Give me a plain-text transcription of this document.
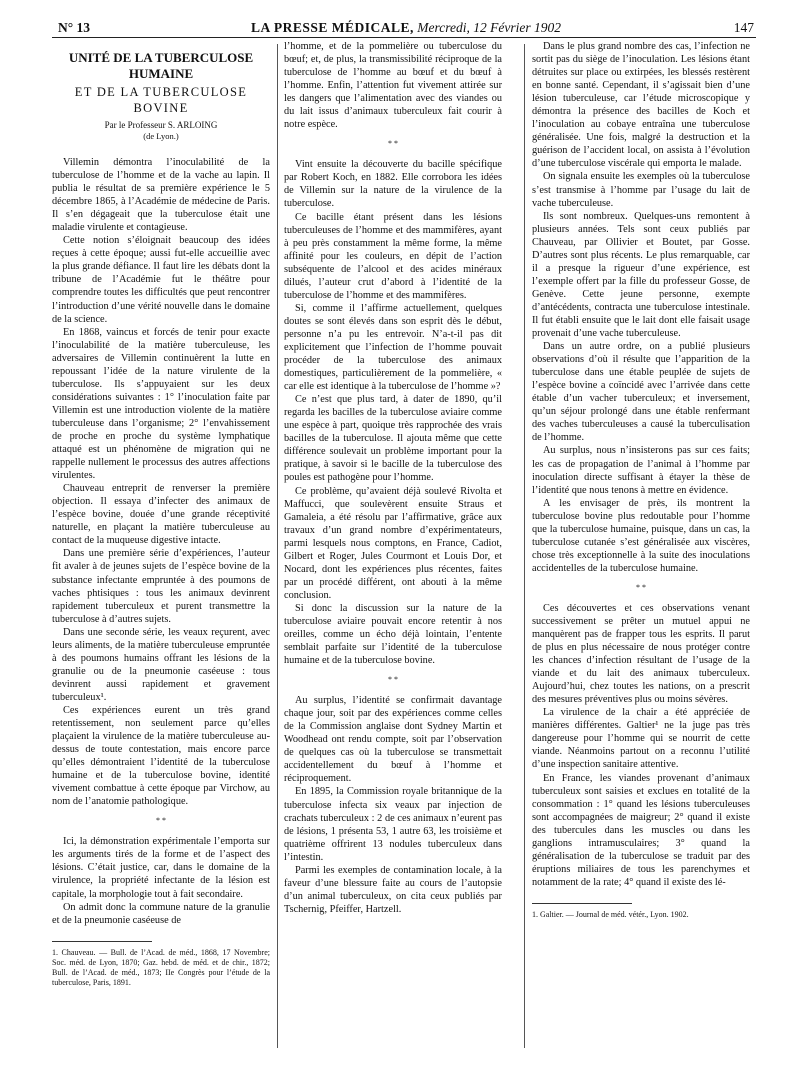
N° 13	LA PRESSE MÉDICALE, Mercredi, 12 Février 1902	147
UNITÉ DE LA TUBERCULOSE HUMAINE
ET DE LA TUBERCULOSE BOVINE
Par le Professeur S. ARLOING
(de Lyon.)

Villemin démontra l’inoculabilité de la tuberculose de l’homme et de la vache au lapin. Il publia le résultat de sa première expérience le 5 décembre 1865, à l’Académie de médecine de Paris. Il s’en dégageait que la tuberculose était une maladie virulente et contagieuse.

Cette notion s’éloignait beaucoup des idées reçues à cette époque; aussi fut-elle accueillie avec la plus grande défiance. Il faut lire les débats dont la tribune de l’Académie fut le théâtre pour comprendre toutes les difficultés que peut rencontrer l’introduction d’une vérité nouvelle dans le domaine de la science.

En 1868, vaincus et forcés de tenir pour exacte l’inoculabilité de la matière tuberculeuse, les adversaires de Villemin continuèrent la lutte en repoussant l’idée de la nature virulente de la tuberculose. Ils s’appuyaient sur les deux considérations suivantes : 1° l’inoculation faite par Villemin est une introduction violente de la matière tuberculeuse dans l’organisme; 2° l’envahissement de proche en proche du système lymphatique attaqué est un phénomène de migration qui ne rappelle nullement le processus des autres affections virulentes.

Chauveau entreprit de renverser la première objection. Il essaya d’infecter des animaux de l’espèce bovine, douée d’une grande réceptivité naturelle, en plaçant la matière tuberculeuse au contact de la muqueuse digestive intacte.

Dans une première série d’expériences, l’auteur fit avaler à de jeunes sujets de l’espèce bovine de la substance infectante empruntée à des poumons de vaches phtisiques : tous les animaux devinrent rapidement tuberculeux et purent transmettre la tuberculose à d’autres sujets.

Dans une seconde série, les veaux reçurent, avec leurs aliments, de la matière tuberculeuse empruntée à des poumons humains offrant les lésions de la granulie ou de la pneumonie caséeuse : tous devinrent aussi rapidement et gravement tuberculeux¹.

Ces expériences eurent un très grand retentissement, non seulement parce qu’elles plaçaient la virulence de la matière tuberculeuse au-dessus de toute contestation, mais encore parce qu’elles démontraient l’identité de la tuberculose humaine et de la tuberculose bovine, identité vivement combattue à cette époque par Virchow, au nom de l’anatomie pathologique.

* *

Ici, la démonstration expérimentale l’emporta sur les arguments tirés de la forme et de l’aspect des lésions. C’était justice, car, dans le domaine de la virulence, la propriété infectante de la lésion est capitale, la morphologie tout à fait secondaire.

On admit donc la commune nature de la granulie et de la pneumonie caséeuse de

1. Chauveau. — Bull. de l’Acad. de méd., 1868, 17 Novembre; Soc. méd. de Lyon, 1870; Gaz. hebd. de méd. et de chir., 1872; Bull. de l’Acad. de méd., 1873; IIe Congrès pour l’étude de la tuberculose, Paris, 1891.

l’homme, et de la pommelière ou tuberculose du bœuf; et, de plus, la transmissibilité réciproque de la tuberculose de l’homme au bœuf et du bœuf à l’homme. Enfin, l’attention fut vivement attirée sur les dangers que l’alimentation avec des viandes ou du lait issus d’animaux tuberculeux fait courir à notre espèce.

* *

Vint ensuite la découverte du bacille spécifique par Robert Koch, en 1882. Elle corrobora les idées de Villemin sur la nature de la virulence de la tuberculose.

Ce bacille étant présent dans les lésions tuberculeuses de l’homme et des mammifères, ayant à peu près constamment la même forme, la même affinité pour les couleurs, en dépit de l’action subséquente de l’alcool et des acides minéraux dilués, l’auteur crut d’abord à l’identité de la tuberculose de l’homme et des mammifères.

Si, comme il l’affirme actuellement, quelques doutes se sont élevés dans son esprit dès le début, personne n’a pu les entrevoir. N’a-t-il pas dit explicitement que l’infection de l’homme pouvait procéder de la tuberculose des animaux domestiques, particulièrement de la pommelière, « car elle est identique à la tuberculose de l’homme »?

Ce n’est que plus tard, à dater de 1890, qu’il regarda les bacilles de la tuberculose aviaire comme une espèce à part, quoique très rapprochée des vrais bacilles de la tuberculose. Il ajouta même que cette différence soulevait un problème important pour la pratique, à savoir si le bacille de la tuberculose des poules est pathogène pour l’homme.

Ce problème, qu’avaient déjà soulevé Rivolta et Maffucci, que soulevèrent ensuite Straus et Gamaleia, a été résolu par l’affirmative, grâce aux travaux d’un grand nombre d’expérimentateurs, parmi lesquels nous comptons, en France, Cadiot, Gilbert et Roger, Jules Courmont et Louis Dor, et Nocard, dont les expériences plus récentes, faites par un procédé différent, ont abouti à la même conclusion.

Si donc la discussion sur la nature de la tuberculose aviaire pouvait encore retentir à nos oreilles, comme un écho déjà lointain, l’entente semblait parfaite sur l’identité de la tuberculose humaine et de la tuberculose bovine.

* *

Au surplus, l’identité se confirmait davantage chaque jour, soit par des expériences comme celles de la Commission anglaise dont Sydney Martin et Woodhead ont rendu compte, soit par l’observation de quelques cas où la tuberculose se transmettait accidentellement du bœuf à l’homme et réciproquement.

En 1895, la Commission royale britannique de la tuberculose infecta six veaux par injection de crachats tuberculeux : 2 de ces animaux n’eurent pas de lésions, 1 présenta 53, 1 autre 63, les troisième et quatrième offrirent 13 nodules tuberculeux dans l’intestin.

Parmi les exemples de contamination locale, à la faveur d’une blessure faite au cours de l’autopsie d’un animal tuberculeux, on cita ceux publiés par Tschernig, Pfeiffer, Hartzell.

Dans le plus grand nombre des cas, l’infection ne sortit pas du siège de l’inoculation. Les lésions étant détruites sur place ou extirpées, les blessés restèrent en bonne santé. Cependant, il s’agissait bien d’une lésion tuberculeuse, car l’étude microscopique y démontra la présence des bacilles de Koch et l’inoculation au cobaye entraîna une tuberculose généralisée. Une fois, malgré la destruction et la guérison de l’accident local, on assista à l’évolution d’une tuberculose viscérale qui emporta le malade.

On signala ensuite les exemples où la tuberculose s’est transmise à l’homme par l’usage du lait de vache tuberculeuse.

Ils sont nombreux. Quelques-uns remontent à plusieurs années. Tels sont ceux publiés par Chauveau, par Ollivier et Boutet, par Gosse. D’autres sont plus récents. Le plus remarquable, car il a presque la rigueur d’une expérience, est l’exemple offert par la fille du professeur Gosse, de Genève. Cette jeune personne, exempte d’antécédents, contracta une tuberculose intestinale. Il fut établi ensuite que le lait dont elle faisait usage provenait d’une vache tuberculeuse.

Dans un autre ordre, on a publié plusieurs observations d’où il résulte que l’apparition de la tuberculose dans une étable peuplée de sujets de l’espèce bovine a coïncidé avec l’arrivée dans cette étable d’un vacher tuberculeux; et inversement, qu’un séjour prolongé dans une étable renfermant des vaches tuberculeuses a causé la tuberculisation de l’homme.

Au surplus, nous n’insisterons pas sur ces faits; les cas de propagation de l’animal à l’homme par inoculation directe suffisant à étayer la thèse de l’identité que nous tenons à mettre en évidence.

A les envisager de près, ils montrent la tuberculose bovine plus redoutable pour l’homme que la tuberculose humaine, puisque, dans un cas, la tuberculose cutanée s’est généralisée aux viscères, chose très exceptionnelle à la suite des inoculations accidentelles de la tuberculose humaine.

* *

Ces découvertes et ces observations venant successivement se prêter un mutuel appui ne manquèrent pas de frapper tous les esprits. Il parut de plus en plus nécessaire de nous protéger contre les chances d’infection résultant de l’usage de la viande et du lait des animaux tuberculeux. Aujourd’hui, chez toutes les nations, on a prescrit des mesures préventives plus ou moins sévères.

La virulence de la chair a été appréciée de manières différentes. Galtier¹ ne la juge pas très dangereuse pour l’homme qui se nourrit de cette viande. Néanmoins partout on a reconnu l’utilité d’une inspection sanitaire attentive.

En France, les viandes provenant d’animaux tuberculeux sont saisies et exclues en totalité de la consommation : 1° quand les lésions tuberculeuses sont accompagnées de maigreur; 2° quand il existe des tubercules dans les muscles ou dans les ganglions intramusculaires; 3° quand la généralisation de la tuberculose se traduit par des éruptions miliaires de tous les parenchymes et notamment de la rate; 4° quand il existe des lé-

1. Galtier. — Journal de méd. vétér., Lyon. 1902.
